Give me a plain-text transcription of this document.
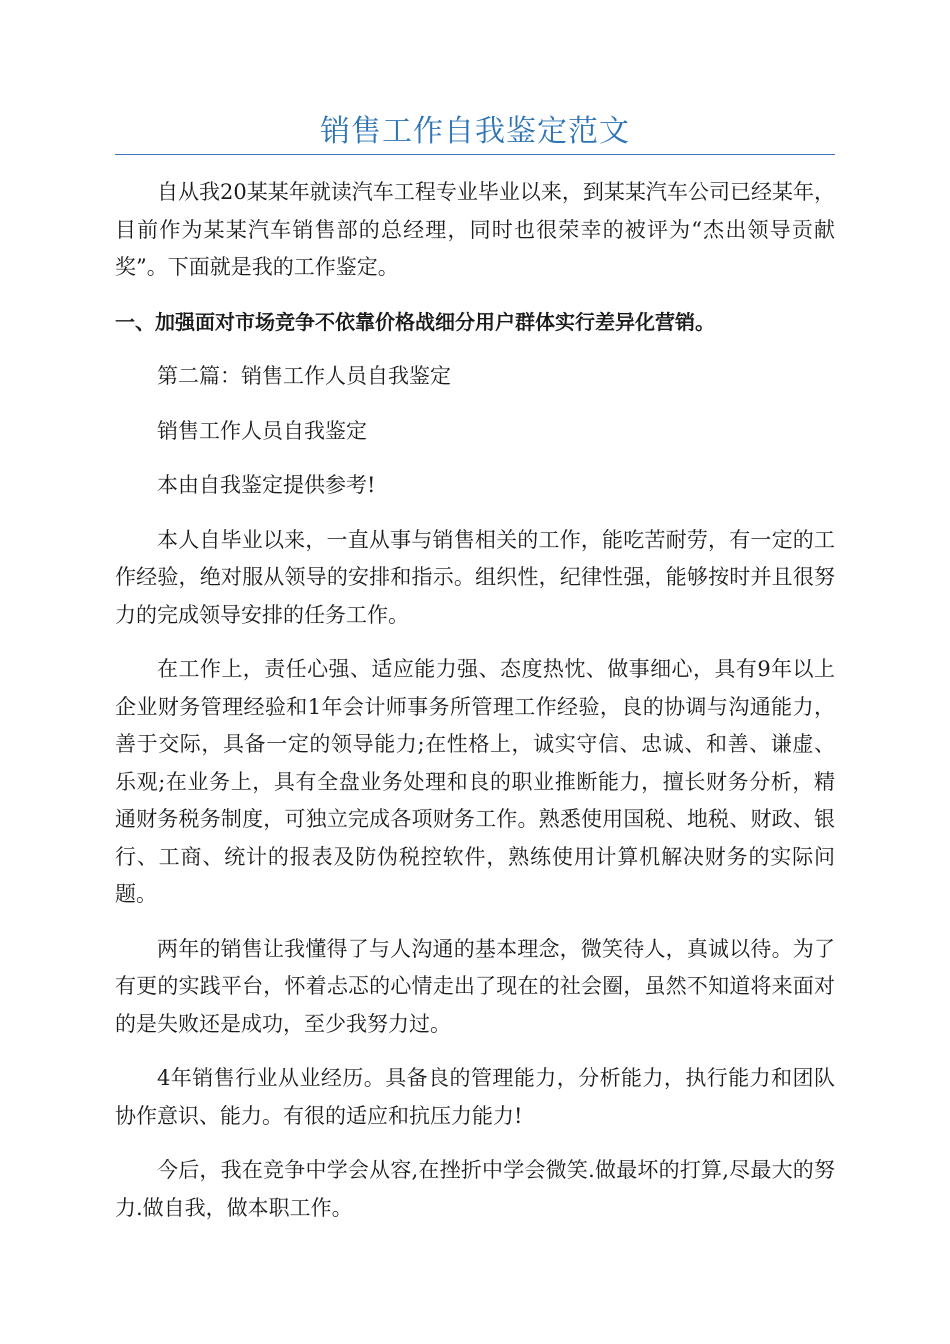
销售工作自我鉴定范文

自从我20某某年就读汽车工程专业毕业以来，到某某汽车公司已经某年，目前作为某某汽车销售部的总经理，同时也很荣幸的被评为“杰出领导贡献奖”。下面就是我的工作鉴定。

一、加强面对市场竞争不依靠价格战细分用户群体实行差异化营销。

第二篇：销售工作人员自我鉴定

销售工作人员自我鉴定

本由自我鉴定提供参考!

本人自毕业以来，一直从事与销售相关的工作，能吃苦耐劳，有一定的工作经验，绝对服从领导的安排和指示。组织性，纪律性强，能够按时并且很努力的完成领导安排的任务工作。

在工作上，责任心强、适应能力强、态度热忱、做事细心，具有9年以上企业财务管理经验和1年会计师事务所管理工作经验，良的协调与沟通能力，善于交际，具备一定的领导能力;在性格上，诚实守信、忠诚、和善、谦虚、乐观;在业务上，具有全盘业务处理和良的职业推断能力，擅长财务分析，精通财务税务制度，可独立完成各项财务工作。熟悉使用国税、地税、财政、银行、工商、统计的报表及防伪税控软件，熟练使用计算机解决财务的实际问题。

两年的销售让我懂得了与人沟通的基本理念，微笑待人，真诚以待。为了有更的实践平台，怀着忐忑的心情走出了现在的社会圈，虽然不知道将来面对的是失败还是成功，至少我努力过。

4年销售行业从业经历。具备良的管理能力，分析能力，执行能力和团队协作意识、能力。有很的适应和抗压力能力!

今后，我在竞争中学会从容,在挫折中学会微笑.做最坏的打算,尽最大的努力.做自我，做本职工作。
